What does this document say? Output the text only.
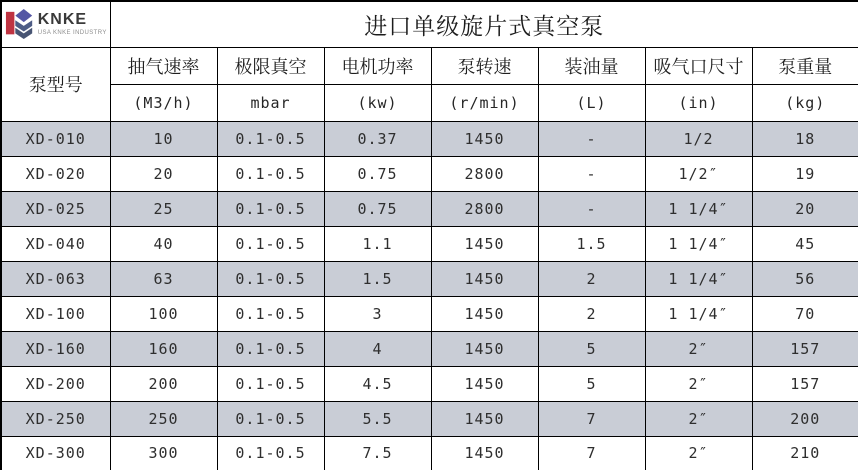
KNKE
USA KNKE INDUSTRY	进口单级旋片式真空泵						
泵型号	抽气速率	极限真空	电机功率	泵转速	装油量	吸气口尺寸	泵重量
	(M3/h)	mbar	(kw)	(r/min)	(L)	(in)	(kg)
XD-010	10	0.1-0.5	0.37	1450	-	1/2	18
XD-020	20	0.1-0.5	0.75	2800	-	1/2″	19
XD-025	25	0.1-0.5	0.75	2800	-	1 1/4″	20
XD-040	40	0.1-0.5	1.1	1450	1.5	1 1/4″	45
XD-063	63	0.1-0.5	1.5	1450	2	1 1/4″	56
XD-100	100	0.1-0.5	3	1450	2	1 1/4″	70
XD-160	160	0.1-0.5	4	1450	5	2″	157
XD-200	200	0.1-0.5	4.5	1450	5	2″	157
XD-250	250	0.1-0.5	5.5	1450	7	2″	200
XD-300	300	0.1-0.5	7.5	1450	7	2″	210
